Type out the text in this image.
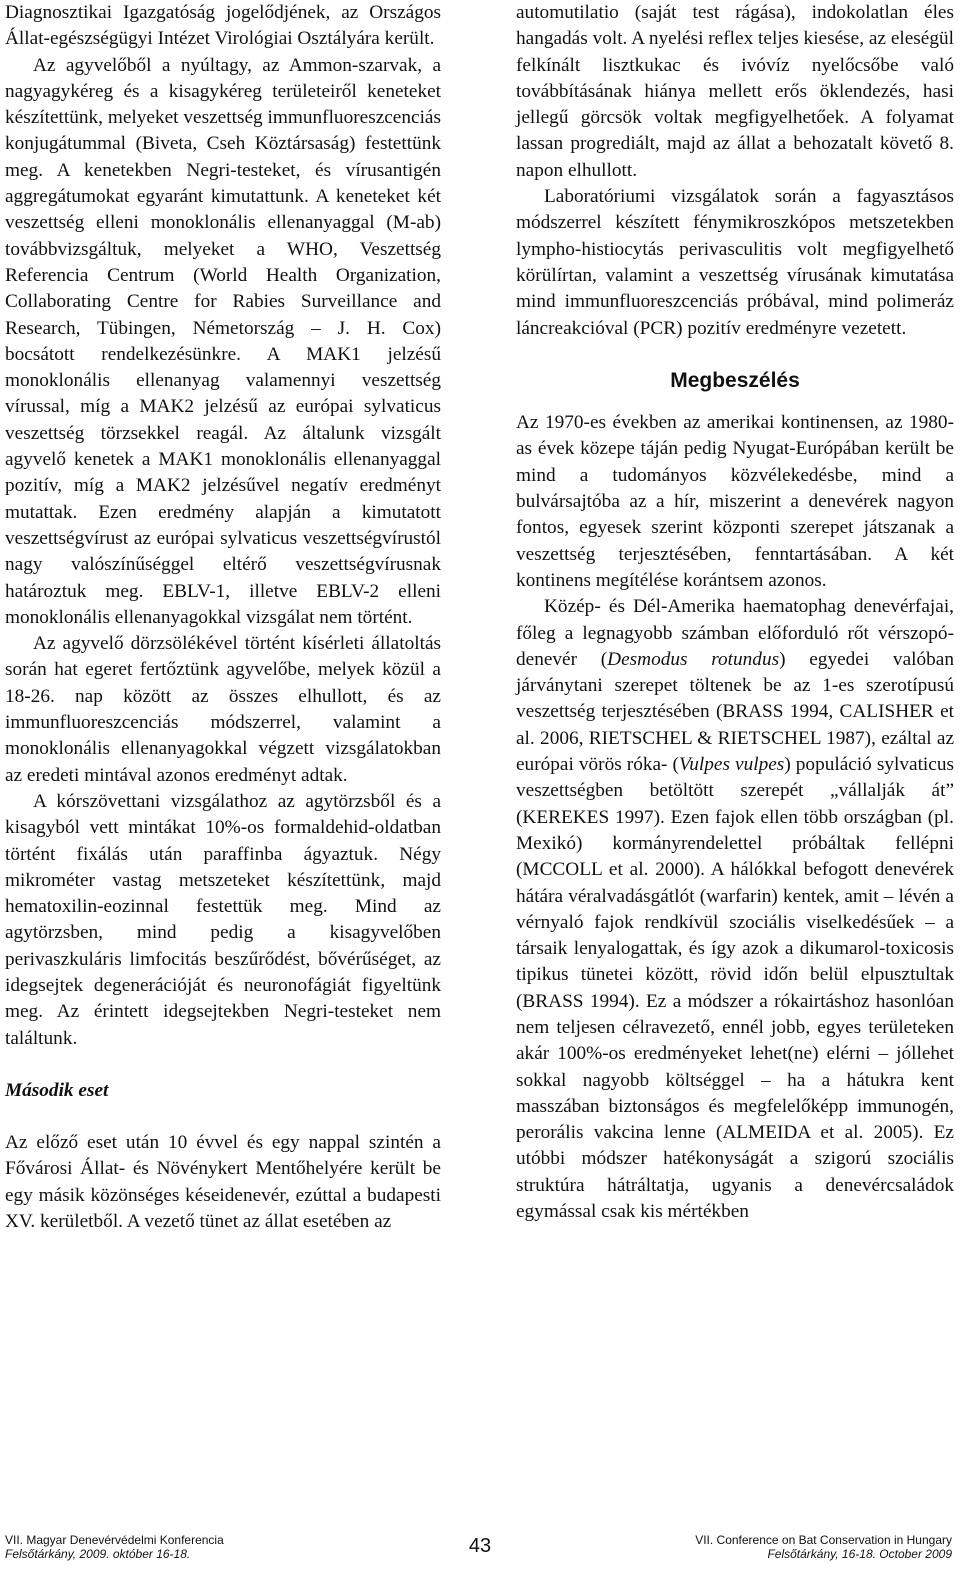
Diagnosztikai Igazgatóság jogelődjének, az Országos Állat-egészségügyi Intézet Virológiai Osztályára került.

Az agyvelőből a nyúltagy, az Ammon-szarvak, a nagyagykéreg és a kisagykéreg területeiről keneteket készítettünk, melyeket veszettség immunfluoreszcenciás konjugátummal (Biveta, Cseh Köztársaság) festettünk meg. A kenetekben Negri-testeket, és vírusantigén aggregátumokat egyaránt kimutattunk. A keneteket két veszettség elleni monoklonális ellenanyaggal (M-ab) továbbvizsgáltuk, melyeket a WHO, Veszettség Referencia Centrum (World Health Organization, Collaborating Centre for Rabies Surveillance and Research, Tübingen, Németország – J. H. Cox) bocsátott rendelkezésünkre. A MAK1 jelzésű monoklonális ellenanyag valamennyi veszettség vírussal, míg a MAK2 jelzésű az európai sylvaticus veszettség törzsekkel reagál. Az általunk vizsgált agyvelő kenetek a MAK1 monoklonális ellenanyaggal pozitív, míg a MAK2 jelzésűvel negatív eredményt mutattak. Ezen eredmény alapján a kimutatott veszettségvírust az európai sylvaticus veszettségvírustól nagy valószínűséggel eltérő veszettségvírusnak határoztuk meg. EBLV-1, illetve EBLV-2 elleni monoklonális ellenanyagokkal vizsgálat nem történt.

Az agyvelő dörzsölékével történt kísérleti állatoltás során hat egeret fertőztünk agyvelőbe, melyek közül a 18-26. nap között az összes elhullott, és az immunfluoreszcenciás módszerrel, valamint a monoklonális ellenanyagokkal végzett vizsgálatokban az eredeti mintával azonos eredményt adtak.

A kórszövettani vizsgálathoz az agytörzsből és a kisagyból vett mintákat 10%-os formaldehid-oldatban történt fixálás után paraffinba ágyaztuk. Négy mikrométer vastag metszeteket készítettünk, majd hematoxilin-eozinnal festettük meg. Mind az agytörzsben, mind pedig a kisagyvelőben perivaszkuláris limfocitás beszűrődést, bővérűséget, az idegsejtek degenerációját és neuronofágiát figyeltünk meg. Az érintett idegsejtekben Negri-testeket nem találtunk.

Második eset

Az előző eset után 10 évvel és egy nappal szintén a Fővárosi Állat- és Növénykert Mentőhelyére került be egy másik közönséges késeidenevér, ezúttal a budapesti XV. kerületből. A vezető tünet az állat esetében az

automutilatio (saját test rágása), indokolatlan éles hangadás volt. A nyelési reflex teljes kiesése, az eleségül felkínált lisztkukac és ivóvíz nyelőcsőbe való továbbításának hiánya mellett erős öklendezés, hasi jellegű görcsök voltak megfigyelhetőek. A folyamat lassan progrediált, majd az állat a behozatalt követő 8. napon elhullott.

Laboratóriumi vizsgálatok során a fagyasztásos módszerrel készített fénymikroszkópos metszetekben lympho-histiocytás perivasculitis volt megfigyelhető körülírtan, valamint a veszettség vírusának kimutatása mind immunfluoreszcenciás próbával, mind polimeráz láncreakcióval (PCR) pozitív eredményre vezetett.

Megbeszélés

Az 1970-es években az amerikai kontinensen, az 1980-as évek közepe táján pedig Nyugat-Európában került be mind a tudományos közvélekedésbe, mind a bulvársajtóba az a hír, miszerint a denevérek nagyon fontos, egyesek szerint központi szerepet játszanak a veszettség terjesztésében, fenntartásában. A két kontinens megítélése korántsem azonos.

Közép- és Dél-Amerika haematophag denevérfajai, főleg a legnagyobb számban előforduló rőt vérszopó-denevér (Desmodus rotundus) egyedei valóban járványtani szerepet töltenek be az 1-es szerotípusú veszettség terjesztésében (BRASS 1994, CALISHER et al. 2006, RIETSCHEL & RIETSCHEL 1987), ezáltal az európai vörös róka- (Vulpes vulpes) populáció sylvaticus veszettségben betöltött szerepét „vállalják át” (KEREKES 1997). Ezen fajok ellen több országban (pl. Mexikó) kormányrendelettel próbáltak fellépni (MCCOLL et al. 2000). A hálókkal befogott denevérek hátára véralvadásgátlót (warfarin) kentek, amit – lévén a vérnyaló fajok rendkívül szociális viselkedésűek – a társaik lenyalogattak, és így azok a dikumarol-toxicosis tipikus tünetei között, rövid időn belül elpusztultak (BRASS 1994). Ez a módszer a rókairtáshoz hasonlóan nem teljesen célravezető, ennél jobb, egyes területeken akár 100%-os eredményeket lehet(ne) elérni – jóllehet sokkal nagyobb költséggel – ha a hátukra kent masszában biztonságos és megfelelőképp immunogén, perorális vakcina lenne (ALMEIDA et al. 2005). Ez utóbbi módszer hatékonyságát a szigorú szociális struktúra hátráltatja, ugyanis a denevércsaládok egymással csak kis mértékben

VII. Magyar Denevérvédelmi Konferencia
Felsőtárkány, 2009. október 16-18.	43	VII. Conference on Bat Conservation in Hungary
Felsőtárkány, 16-18. October 2009
